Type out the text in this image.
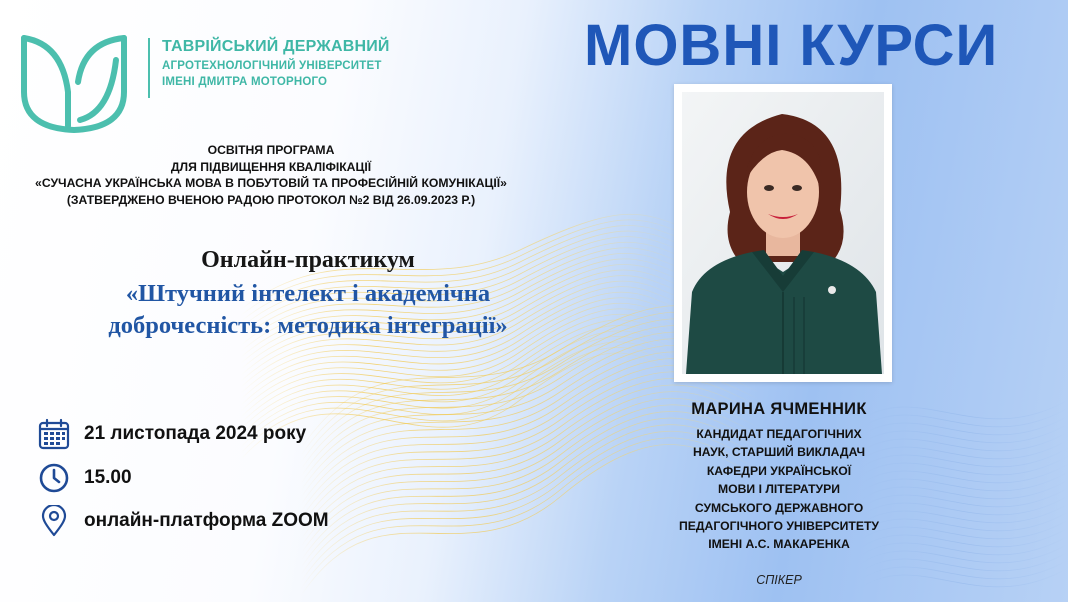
ТАВРІЙСЬКИЙ ДЕРЖАВНИЙ
АГРОТЕХНОЛОГІЧНИЙ УНІВЕРСИТЕТ
ІМЕНІ ДМИТРА МОТОРНОГО
МОВНІ КУРСИ
ОСВІТНЯ ПРОГРАМА
ДЛЯ ПІДВИЩЕННЯ КВАЛІФІКАЦІЇ
«СУЧАСНА УКРАЇНСЬКА МОВА В ПОБУТОВІЙ ТА ПРОФЕСІЙНІЙ КОМУНІКАЦІЇ»
(ЗАТВЕРДЖЕНО ВЧЕНОЮ РАДОЮ ПРОТОКОЛ №2 ВІД 26.09.2023 Р.)
Онлайн-практикум
«Штучний інтелект і академічна
доброчесність: методика інтеграції»
21 листопада 2024 року
15.00
онлайн-платформа ZOOM
МАРИНА ЯЧМЕННИК
КАНДИДАТ ПЕДАГОГІЧНИХ
НАУК, СТАРШИЙ ВИКЛАДАЧ
КАФЕДРИ УКРАЇНСЬКОЇ
МОВИ І ЛІТЕРАТУРИ
СУМСЬКОГО ДЕРЖАВНОГО
ПЕДАГОГІЧНОГО УНІВЕРСИТЕТУ
ІМЕНІ А.С. МАКАРЕНКА
СПІКЕР
